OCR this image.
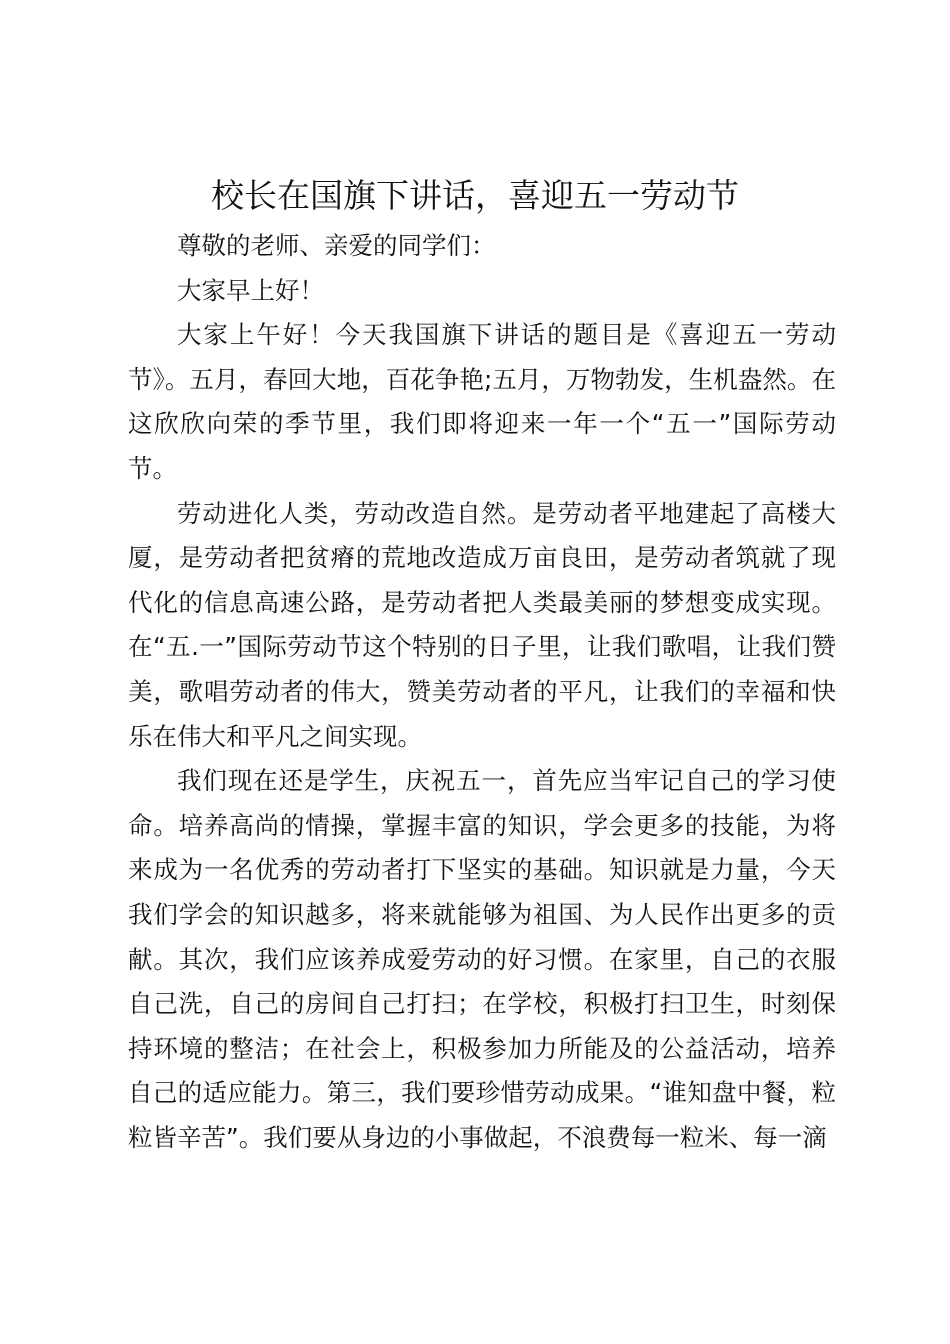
校长在国旗下讲话，喜迎五一劳动节

尊敬的老师、亲爱的同学们：

大家早上好！

大家上午好！今天我国旗下讲话的题目是《喜迎五一劳动节》。五月，春回大地，百花争艳;五月，万物勃发，生机盎然。在这欣欣向荣的季节里，我们即将迎来一年一个“五一”国际劳动节。

劳动进化人类，劳动改造自然。是劳动者平地建起了高楼大厦，是劳动者把贫瘠的荒地改造成万亩良田，是劳动者筑就了现代化的信息高速公路，是劳动者把人类最美丽的梦想变成实现。在“五.一”国际劳动节这个特别的日子里，让我们歌唱，让我们赞美，歌唱劳动者的伟大，赞美劳动者的平凡，让我们的幸福和快乐在伟大和平凡之间实现。

我们现在还是学生，庆祝五一，首先应当牢记自己的学习使命。培养高尚的情操，掌握丰富的知识，学会更多的技能，为将来成为一名优秀的劳动者打下坚实的基础。知识就是力量，今天我们学会的知识越多，将来就能够为祖国、为人民作出更多的贡献。其次，我们应该养成爱劳动的好习惯。在家里，自己的衣服自己洗，自己的房间自己打扫；在学校，积极打扫卫生，时刻保持环境的整洁；在社会上，积极参加力所能及的公益活动，培养自己的适应能力。第三，我们要珍惜劳动成果。“谁知盘中餐，粒粒皆辛苦”。我们要从身边的小事做起，不浪费每一粒米、每一滴
